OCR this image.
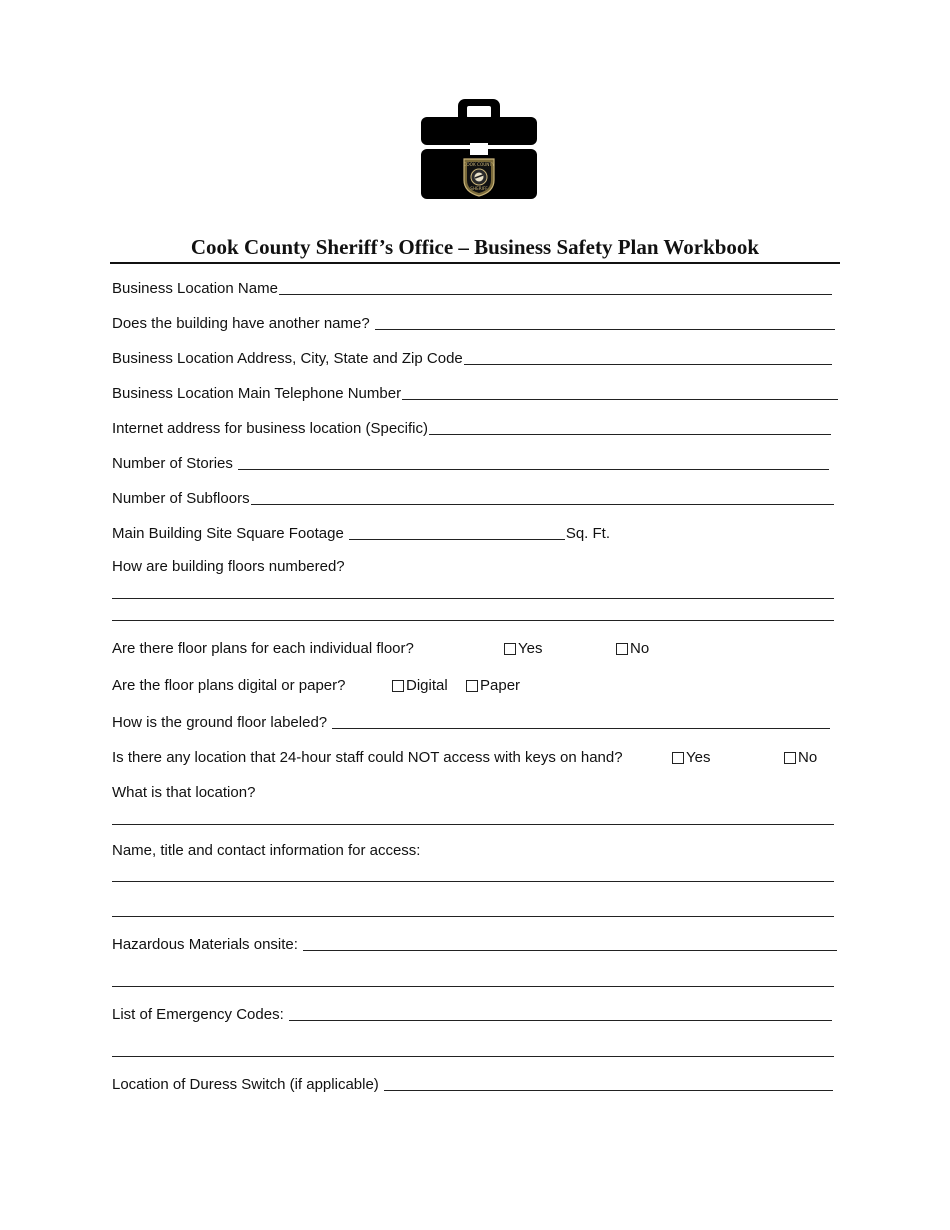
COOK COUNTY
SHERIFF
Cook County Sheriff’s Office – Business Safety Plan Workbook
Business Location Name
Does the building have another name?
Business Location Address, City, State and Zip Code
Business Location Main Telephone Number
Internet address for business location (Specific)
Number of Stories
Number of Subfloors
Main Building Site Square Footage	Sq. Ft.
How are building floors numbered?
Are there floor plans for each individual floor?	Yes	No
Are the floor plans digital or paper?	Digital Paper
How is the ground floor labeled?
Is there any location that 24-hour staff could NOT access with keys on hand?	Yes	No
What is that location?
Name, title and contact information for access:
Hazardous Materials onsite:
List of Emergency Codes:
Location of Duress Switch (if applicable)
